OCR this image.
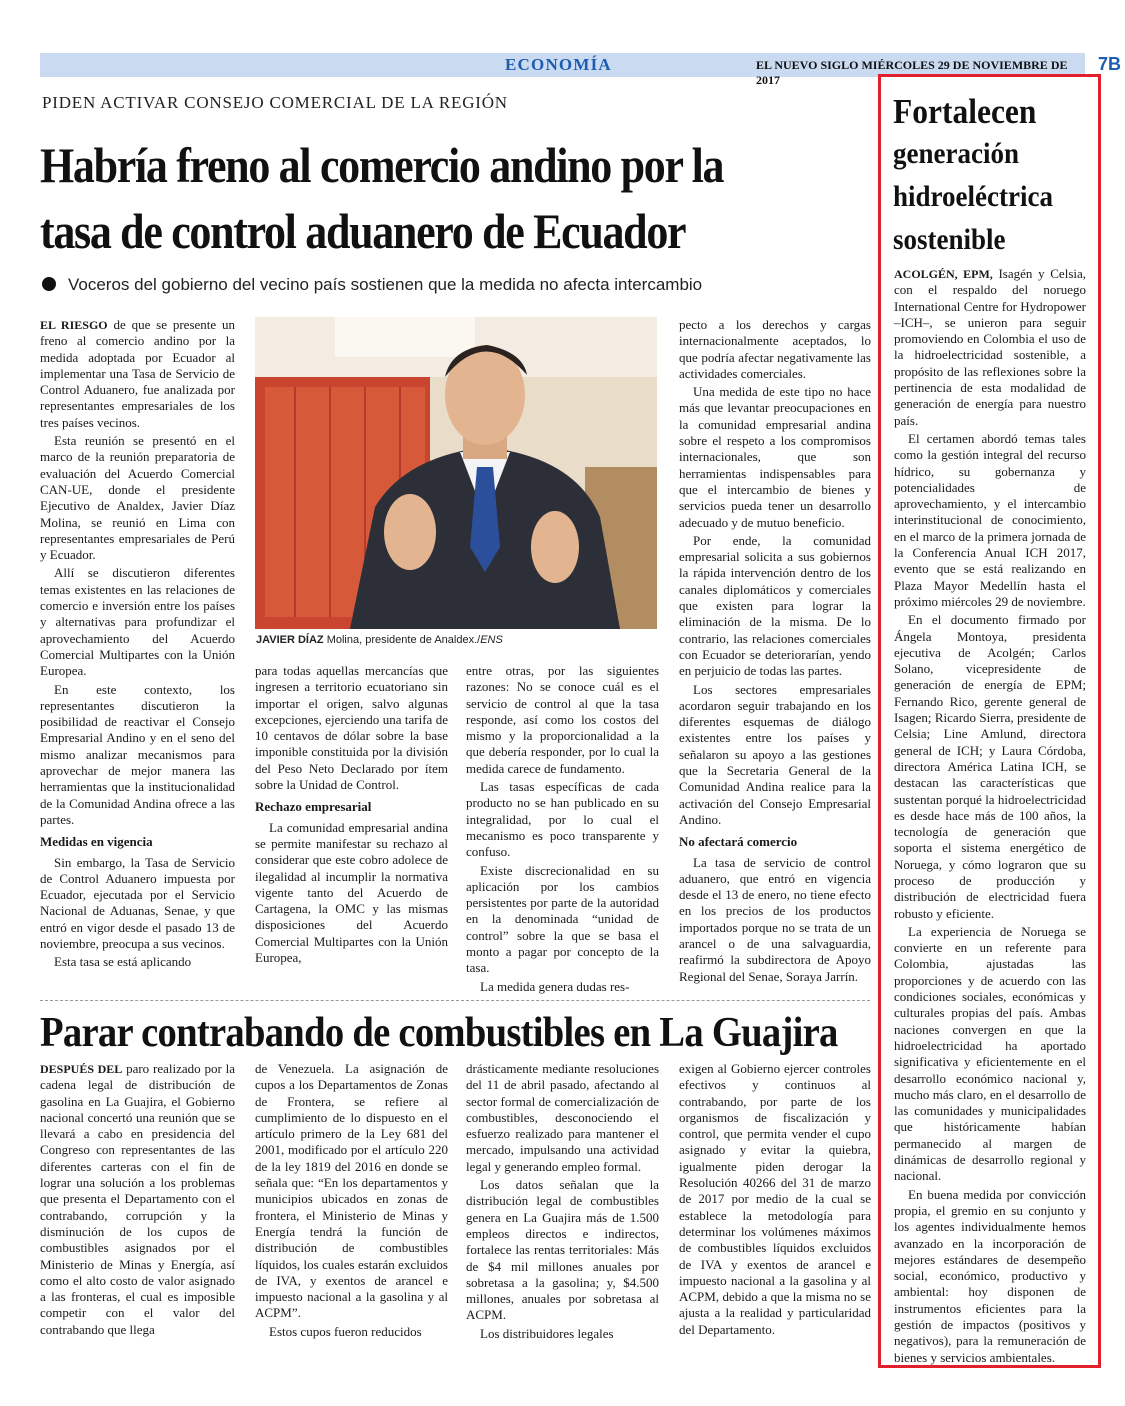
ECONOMÍA	EL NUEVO SIGLO MIÉRCOLES 29 DE NOVIEMBRE DE 2017
7B
PIDEN ACTIVAR CONSEJO COMERCIAL DE LA REGIÓN
Habría freno al comercio andino por la
tasa de control aduanero de Ecuador
Voceros del gobierno del vecino país sostienen que la medida no afecta intercambio

EL RIESGO de que se presente un freno al comercio andino por la medida adoptada por Ecuador al implementar una Tasa de Servicio de Control Aduanero, fue analizada por representantes empresariales de los tres países vecinos.

Esta reunión se presentó en el marco de la reunión preparatoria de evaluación del Acuerdo Comercial CAN-UE, donde el presidente Ejecutivo de Analdex, Javier Díaz Molina, se reunió en Lima con representantes empresariales de Perú y Ecuador.

Allí se discutieron diferentes temas existentes en las relaciones de comercio e inversión entre los países y alternativas para profundizar el aprovechamiento del Acuerdo Comercial Multipartes con la Unión Europea.

En este contexto, los representantes discutieron la posibilidad de reactivar el Consejo Empresarial Andino y en el seno del mismo analizar mecanismos para aprovechar de mejor manera las herramientas que la institucionalidad de la Comunidad Andina ofrece a las partes.

Medidas en vigencia

Sin embargo, la Tasa de Servicio de Control Aduanero impuesta por Ecuador, ejecutada por el Servicio Nacional de Aduanas, Senae, y que entró en vigor desde el pasado 13 de noviembre, preocupa a sus vecinos.

Esta tasa se está aplicando

JAVIER DÍAZ Molina, presidente de Analdex./ENS

para todas aquellas mercancías que ingresen a territorio ecuatoriano sin importar el origen, salvo algunas excepciones, ejerciendo una tarifa de 10 centavos de dólar sobre la base imponible constituida por la división del Peso Neto Declarado por ítem sobre la Unidad de Control.

Rechazo empresarial

La comunidad empresarial andina se permite manifestar su rechazo al considerar que este cobro adolece de ilegalidad al incumplir la normativa vigente tanto del Acuerdo de Cartagena, la OMC y las mismas disposiciones del Acuerdo Comercial Multipartes con la Unión Europea,

entre otras, por las siguientes razones: No se conoce cuál es el servicio de control al que la tasa responde, así como los costos del mismo y la proporcionalidad a la que debería responder, por lo cual la medida carece de fundamento.

Las tasas específicas de cada producto no se han publicado en su integralidad, por lo cual el mecanismo es poco transparente y confuso.

Existe discrecionalidad en su aplicación por los cambios persistentes por parte de la autoridad en la denominada “unidad de control” sobre la que se basa el monto a pagar por concepto de la tasa.

La medida genera dudas res-

pecto a los derechos y cargas internacionalmente aceptados, lo que podría afectar negativamente las actividades comerciales.

Una medida de este tipo no hace más que levantar preocupaciones en la comunidad empresarial andina sobre el respeto a los compromisos internacionales, que son herramientas indispensables para que el intercambio de bienes y servicios pueda tener un desarrollo adecuado y de mutuo beneficio.

Por ende, la comunidad empresarial solicita a sus gobiernos la rápida intervención dentro de los canales diplomáticos y comerciales que existen para lograr la eliminación de la misma. De lo contrario, las relaciones comerciales con Ecuador se deteriorarían, yendo en perjuicio de todas las partes.

Los sectores empresariales acordaron seguir trabajando en los diferentes esquemas de diálogo existentes entre los países y señalaron su apoyo a las gestiones que la Secretaria General de la Comunidad Andina realice para la activación del Consejo Empresarial Andino.

No afectará comercio

La tasa de servicio de control aduanero, que entró en vigencia desde el 13 de enero, no tiene efecto en los precios de los productos importados porque no se trata de un arancel o de una salvaguardia, reafirmó la subdirectora de Apoyo Regional del Senae, Soraya Jarrín.

Parar contrabando de combustibles en La Guajira

DESPUÉS DEL paro realizado por la cadena legal de distribución de gasolina en La Guajira, el Gobierno nacional concertó una reunión que se llevará a cabo en presidencia del Congreso con representantes de las diferentes carteras con el fin de lograr una solución a los problemas que presenta el Departamento con el contrabando, corrupción y la disminución de los cupos de combustibles asignados por el Ministerio de Minas y Energía, así como el alto costo de valor asignado a las fronteras, el cual es imposible competir con el valor del contrabando que llega

de Venezuela. La asignación de cupos a los Departamentos de Zonas de Frontera, se refiere al cumplimiento de lo dispuesto en el artículo primero de la Ley 681 del 2001, modificado por el artículo 220 de la ley 1819 del 2016 en donde se señala que: “En los departamentos y municipios ubicados en zonas de frontera, el Ministerio de Minas y Energía tendrá la función de distribución de combustibles líquidos, los cuales estarán excluidos de IVA, y exentos de arancel e impuesto nacional a la gasolina y al ACPM”.

Estos cupos fueron reducidos

drásticamente mediante resoluciones del 11 de abril pasado, afectando al sector formal de comercialización de combustibles, desconociendo el esfuerzo realizado para mantener el mercado, impulsando una actividad legal y generando empleo formal.

Los datos señalan que la distribución legal de combustibles genera en La Guajira más de 1.500 empleos directos e indirectos, fortalece las rentas territoriales: Más de $4 mil millones anuales por sobretasa a la gasolina; y, $4.500 millones, anuales por sobretasa al ACPM.

Los distribuidores legales

exigen al Gobierno ejercer controles efectivos y continuos al contrabando, por parte de los organismos de fiscalización y control, que permita vender el cupo asignado y evitar la quiebra, igualmente piden derogar la Resolución 40266 del 31 de marzo de 2017 por medio de la cual se establece la metodología para determinar los volúmenes máximos de combustibles líquidos excluidos de IVA y exentos de arancel e impuesto nacional a la gasolina y al ACPM, debido a que la misma no se ajusta a la realidad y particularidad del Departamento.

Fortalecen
generación
hidroeléctrica
sostenible

ACOLGÉN, EPM, Isagén y Celsia, con el respaldo del noruego International Centre for Hydropower –ICH–, se unieron para seguir promoviendo en Colombia el uso de la hidroelectricidad sostenible, a propósito de las reflexiones sobre la pertinencia de esta modalidad de generación de energía para nuestro país.

El certamen abordó temas tales como la gestión integral del recurso hídrico, su gobernanza y potencialidades de aprovechamiento, y el intercambio interinstitucional de conocimiento, en el marco de la primera jornada de la Conferencia Anual ICH 2017, evento que se está realizando en Plaza Mayor Medellín hasta el próximo miércoles 29 de noviembre.

En el documento firmado por Ángela Montoya, presidenta ejecutiva de Acolgén; Carlos Solano, vicepresidente de generación de energía de EPM; Fernando Rico, gerente general de Isagen; Ricardo Sierra, presidente de Celsia; Line Amlund, directora general de ICH; y Laura Córdoba, directora América Latina ICH, se destacan las características que sustentan porqué la hidroelectricidad es desde hace más de 100 años, la tecnología de generación que soporta el sistema energético de Noruega, y cómo lograron que su proceso de producción y distribución de electricidad fuera robusto y eficiente.

La experiencia de Noruega se convierte en un referente para Colombia, ajustadas las proporciones y de acuerdo con las condiciones sociales, económicas y culturales propias del país. Ambas naciones convergen en que la hidroelectricidad ha aportado significativa y eficientemente en el desarrollo económico nacional y, mucho más claro, en el desarrollo de las comunidades y municipalidades que históricamente habían permanecido al margen de dinámicas de desarrollo regional y nacional.

En buena medida por convicción propia, el gremio en su conjunto y los agentes individualmente hemos avanzado en la incorporación de mejores estándares de desempeño social, económico, productivo y ambiental: hoy disponen de instrumentos eficientes para la gestión de impactos (positivos y negativos), para la remuneración de bienes y servicios ambientales.
